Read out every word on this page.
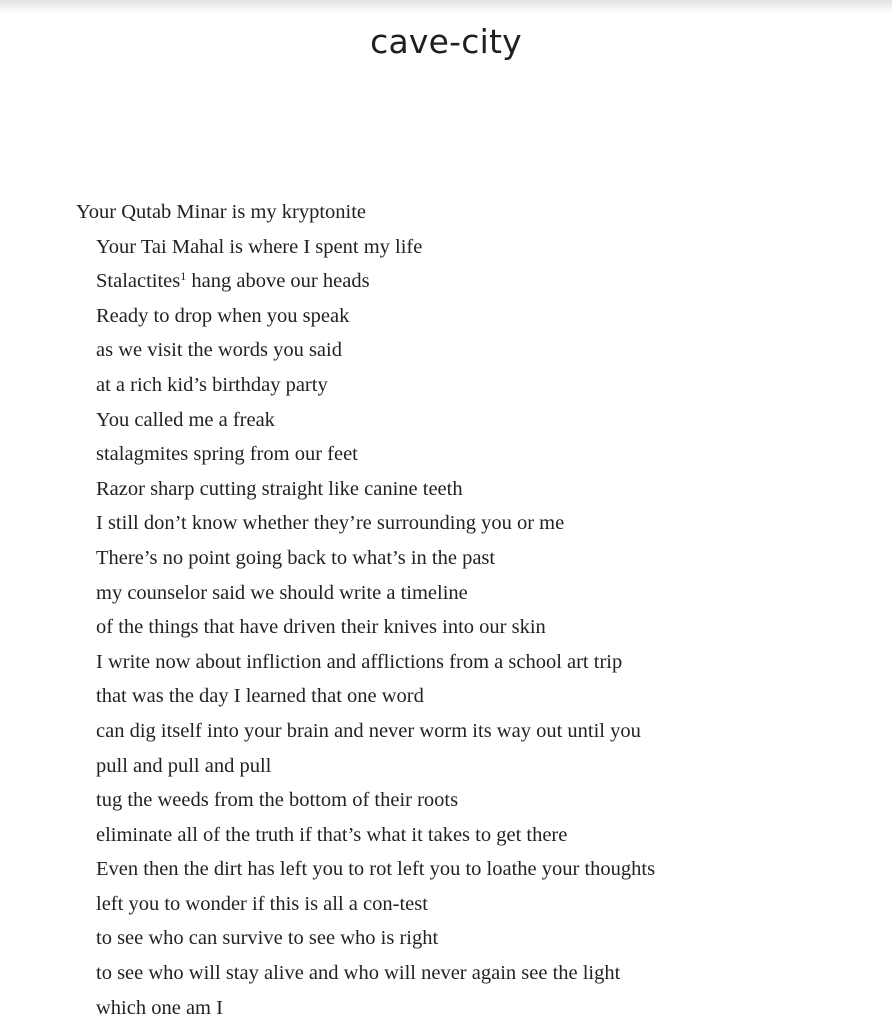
cave-city
Your Qutab Minar is my kryptonite
Your Tai Mahal is where I spent my life
Stalactites$^1$ hang above our heads
Ready to drop when you speak
as we visit the words you said
at a rich kid’s birthday party
You called me a freak
stalagmites spring from our feet
Razor sharp cutting straight like canine teeth
I still don’t know whether they’re surrounding you or me
There’s no point going back to what’s in the past
my counselor said we should write a timeline
of the things that have driven their knives into our skin
I write now about infliction and afflictions from a school art trip
that was the day I learned that one word
can dig itself into your brain and never worm its way out until you
pull and pull and pull
tug the weeds from the bottom of their roots
eliminate all of the truth if that’s what it takes to get there
Even then the dirt has left you to rot left you to loathe your thoughts
left you to wonder if this is all a con-test
to see who can survive to see who is right
to see who will stay alive and who will never again see the light
which one am I
